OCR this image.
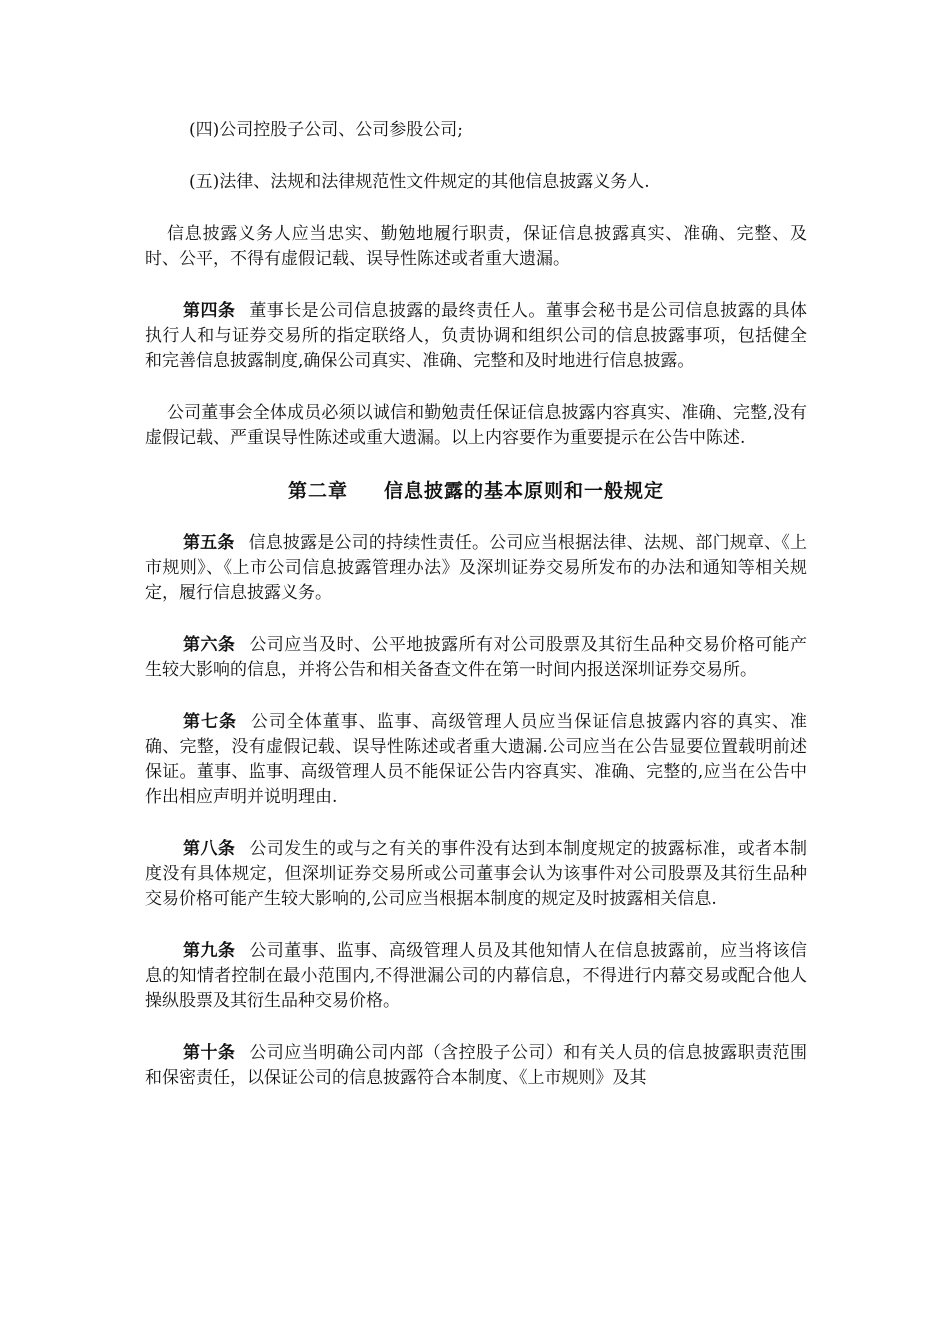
(四)公司控股子公司、公司参股公司;

(五)法律、法规和法律规范性文件规定的其他信息披露义务人.

信息披露义务人应当忠实、勤勉地履行职责，保证信息披露真实、准确、完整、及时、公平，不得有虚假记载、误导性陈述或者重大遗漏。

第四条 董事长是公司信息披露的最终责任人。董事会秘书是公司信息披露的具体执行人和与证券交易所的指定联络人，负责协调和组织公司的信息披露事项，包括健全和完善信息披露制度,确保公司真实、准确、完整和及时地进行信息披露。

公司董事会全体成员必须以诚信和勤勉责任保证信息披露内容真实、准确、完整,没有虚假记载、严重误导性陈述或重大遗漏。以上内容要作为重要提示在公告中陈述.

第二章 信息披露的基本原则和一般规定

第五条 信息披露是公司的持续性责任。公司应当根据法律、法规、部门规章、《上市规则》、《上市公司信息披露管理办法》及深圳证券交易所发布的办法和通知等相关规定，履行信息披露义务。

第六条 公司应当及时、公平地披露所有对公司股票及其衍生品种交易价格可能产生较大影响的信息，并将公告和相关备查文件在第一时间内报送深圳证券交易所。

第七条 公司全体董事、监事、高级管理人员应当保证信息披露内容的真实、准确、完整，没有虚假记载、误导性陈述或者重大遗漏.公司应当在公告显要位置载明前述保证。董事、监事、高级管理人员不能保证公告内容真实、准确、完整的,应当在公告中作出相应声明并说明理由.

第八条 公司发生的或与之有关的事件没有达到本制度规定的披露标准，或者本制度没有具体规定，但深圳证券交易所或公司董事会认为该事件对公司股票及其衍生品种交易价格可能产生较大影响的,公司应当根据本制度的规定及时披露相关信息.

第九条 公司董事、监事、高级管理人员及其他知情人在信息披露前，应当将该信息的知情者控制在最小范围内,不得泄漏公司的内幕信息，不得进行内幕交易或配合他人操纵股票及其衍生品种交易价格。

第十条 公司应当明确公司内部（含控股子公司）和有关人员的信息披露职责范围和保密责任，以保证公司的信息披露符合本制度、《上市规则》及其
